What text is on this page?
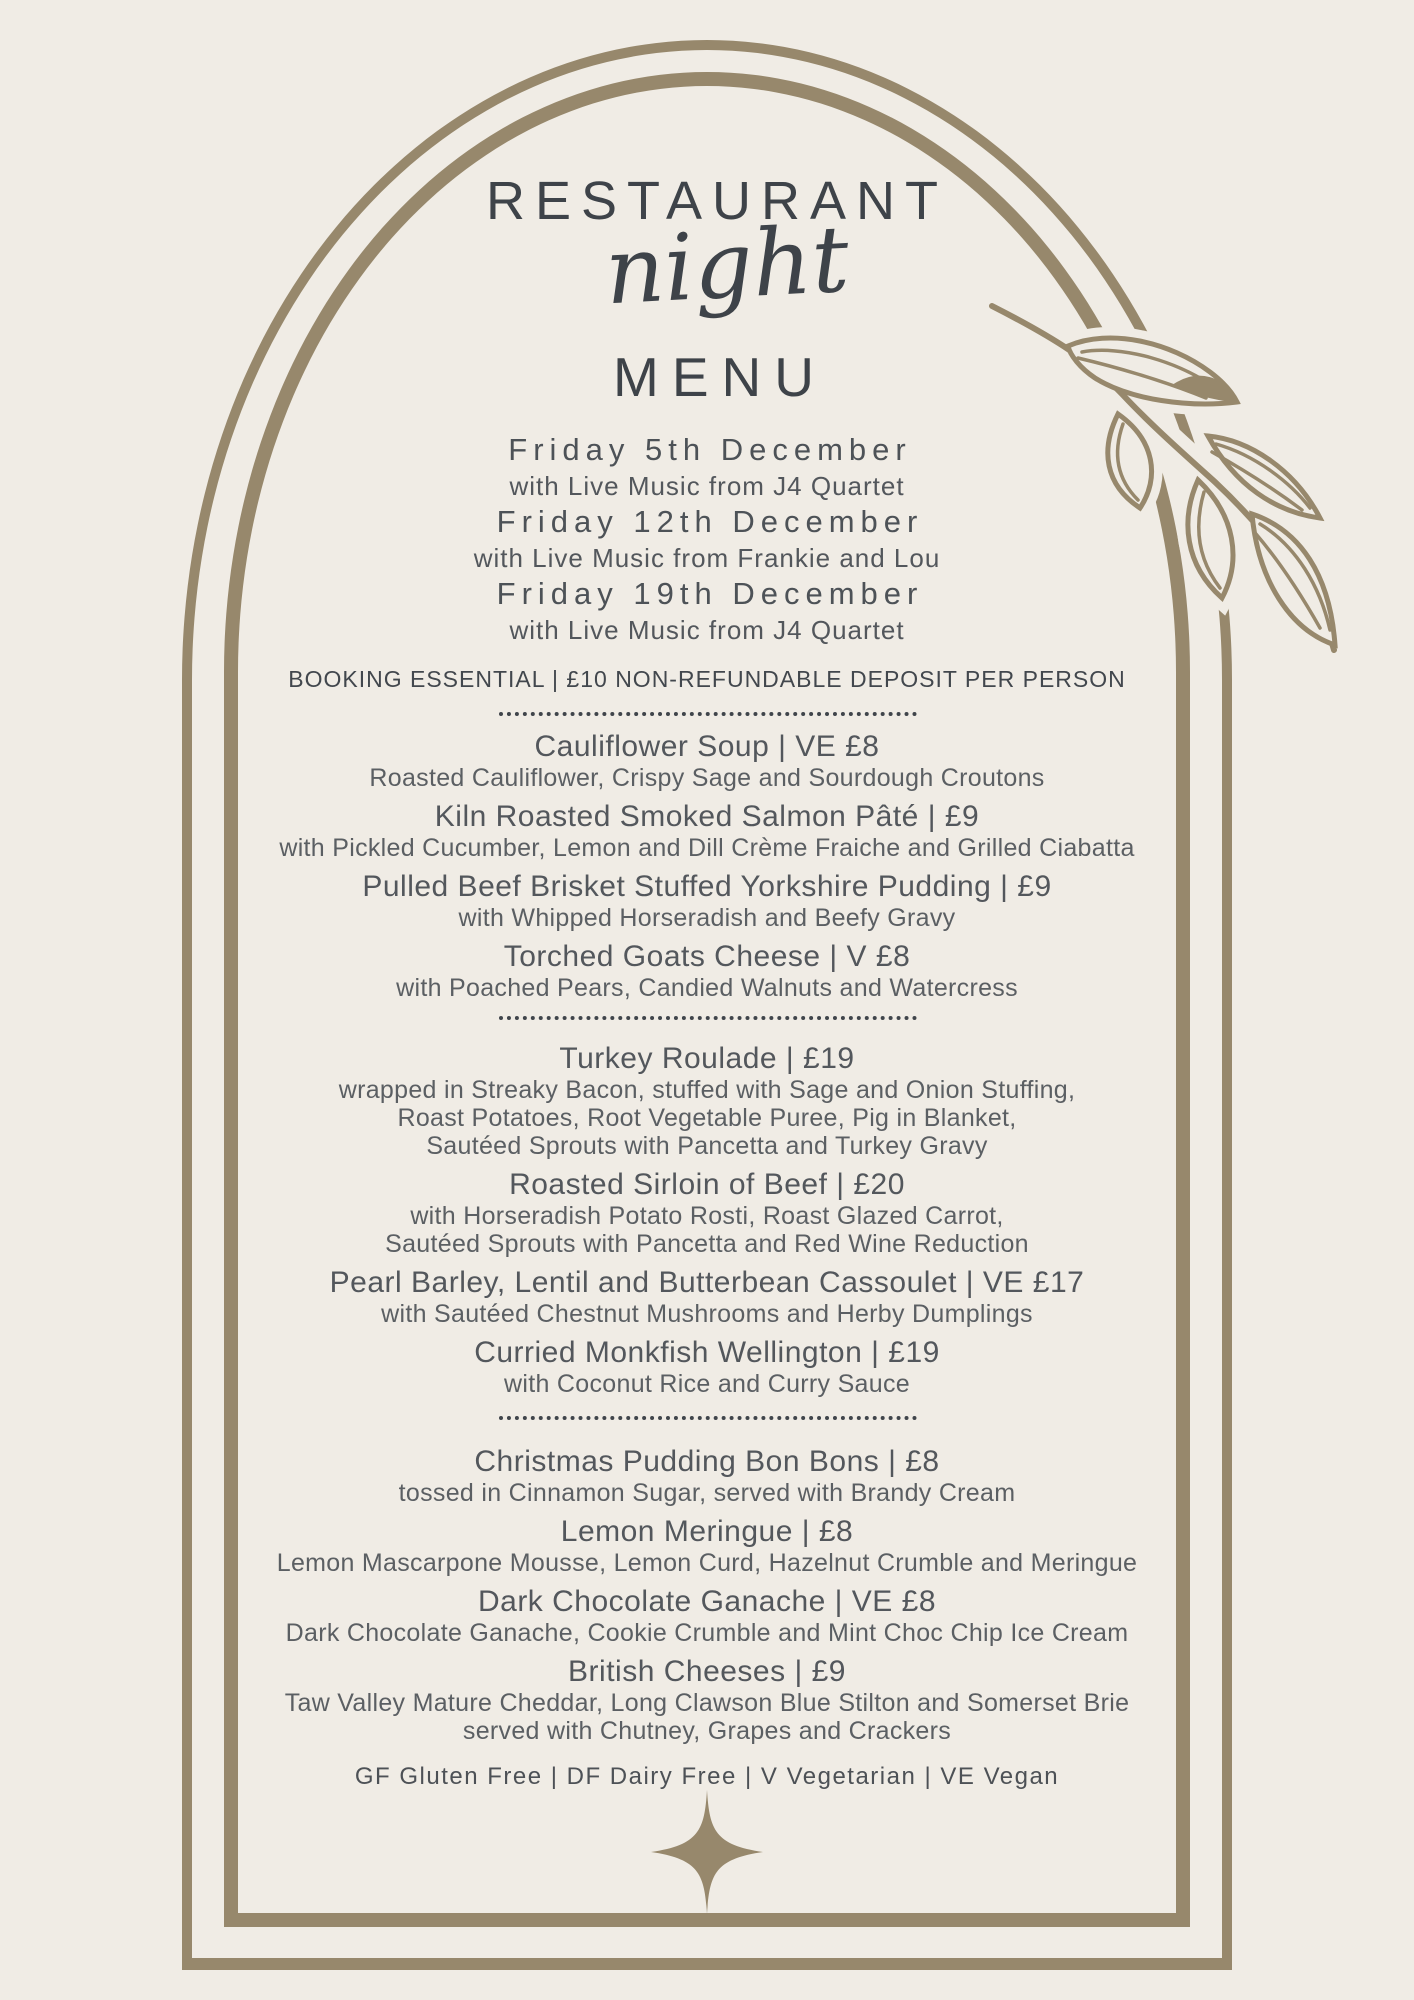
RESTAURANT
night
MENU
Friday 5th December
with Live Music from J4 Quartet
Friday 12th December
with Live Music from Frankie and Lou
Friday 19th December
with Live Music from J4 Quartet
BOOKING ESSENTIAL | £10 NON-REFUNDABLE DEPOSIT PER PERSON
Cauliflower Soup | VE £8
Roasted Cauliflower, Crispy Sage and Sourdough Croutons
Kiln Roasted Smoked Salmon Pâté | £9
with Pickled Cucumber, Lemon and Dill Crème Fraiche and Grilled Ciabatta
Pulled Beef Brisket Stuffed Yorkshire Pudding | £9
with Whipped Horseradish and Beefy Gravy
Torched Goats Cheese | V £8
with Poached Pears, Candied Walnuts and Watercress
Turkey Roulade | £19
wrapped in Streaky Bacon, stuffed with Sage and Onion Stuffing,
Roast Potatoes, Root Vegetable Puree, Pig in Blanket,
Sautéed Sprouts with Pancetta and Turkey Gravy
Roasted Sirloin of Beef | £20
with Horseradish Potato Rosti, Roast Glazed Carrot,
Sautéed Sprouts with Pancetta and Red Wine Reduction
Pearl Barley, Lentil and Butterbean Cassoulet | VE £17
with Sautéed Chestnut Mushrooms and Herby Dumplings
Curried Monkfish Wellington | £19
with Coconut Rice and Curry Sauce
Christmas Pudding Bon Bons | £8
tossed in Cinnamon Sugar, served with Brandy Cream
Lemon Meringue | £8
Lemon Mascarpone Mousse, Lemon Curd, Hazelnut Crumble and Meringue
Dark Chocolate Ganache | VE £8
Dark Chocolate Ganache, Cookie Crumble and Mint Choc Chip Ice Cream
British Cheeses | £9
Taw Valley Mature Cheddar, Long Clawson Blue Stilton and Somerset Brie
served with Chutney, Grapes and Crackers
GF Gluten Free | DF Dairy Free | V Vegetarian | VE Vegan
